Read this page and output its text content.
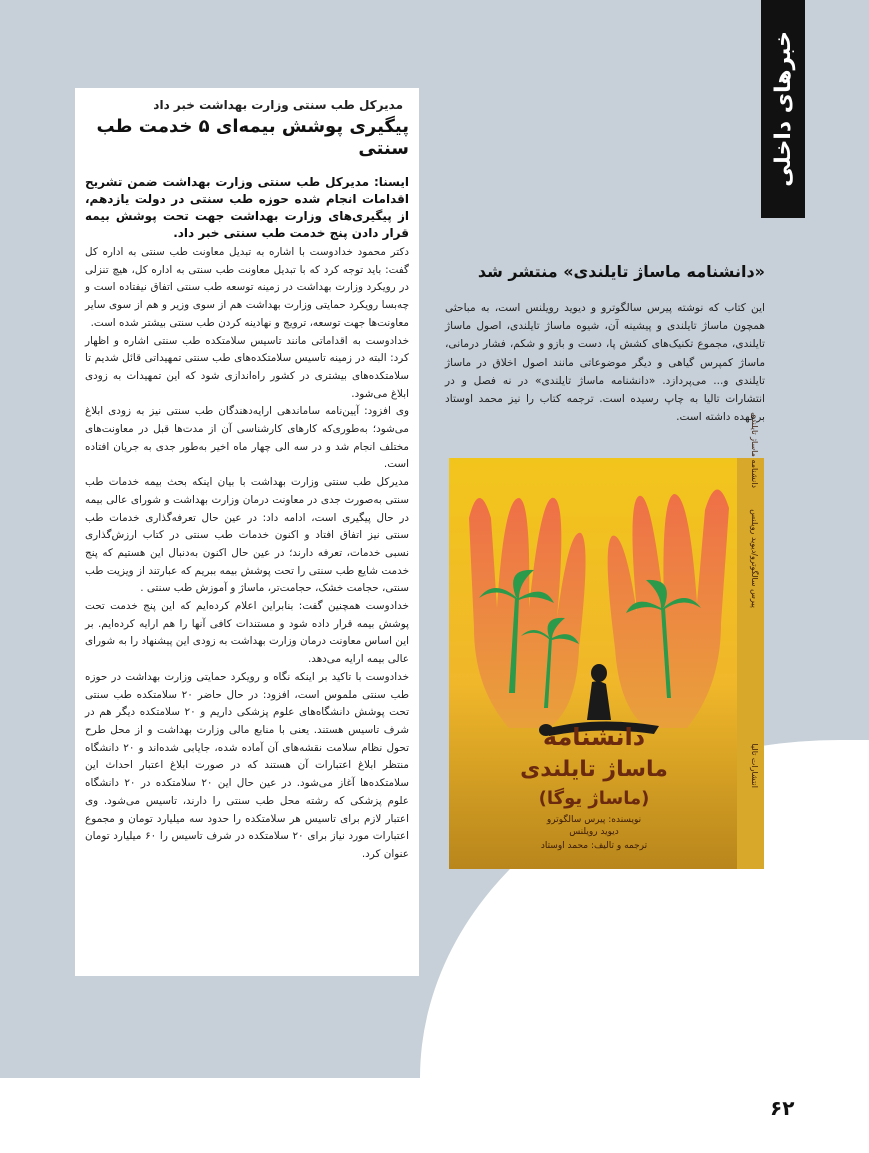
خبرهای داخلی

مدیرکل طب سنتی وزارت بهداشت خبر داد

پیگیری پوشش بیمه‌ای ۵ خدمت طب سنتی

ایسنا: مدیرکل طب سنتی وزارت بهداشت ضمن تشریح اقدامات انجام شده حوزه طب سنتی در دولت یازدهم، از پیگیری‌های وزارت بهداشت جهت تحت پوشش بیمه قرار دادن پنج خدمت طب سنتی خبر داد.

دکتر محمود خدادوست با اشاره به تبدیل معاونت طب سنتی به اداره کل گفت: باید توجه کرد که با تبدیل معاونت طب سنتی به اداره کل، هیچ تنزلی در رویکرد وزارت بهداشت در زمینه توسعه طب سنتی اتفاق نیفتاده است و چه‌بسا رویکرد حمایتی وزارت بهداشت هم از سوی وزیر و هم از سوی سایر معاونت‌ها جهت توسعه، ترویج و نهادینه کردن طب سنتی بیشتر شده است.

خدادوست به اقداماتی مانند تاسیس سلامتکده طب سنتی اشاره و اظهار کرد: البته در زمینه تاسیس سلامتکده‌های طب سنتی تمهیداتی قائل شدیم تا سلامتکده‌های بیشتری در کشور راه‌اندازی شود که این تمهیدات به زودی ابلاغ می‌شود.

وی افزود: آیین‌نامه ساماندهی ارایه‌دهندگان طب سنتی نیز به زودی ابلاغ می‌شود؛ به‌طوری‌که کارهای کارشناسی آن از مدت‌ها قبل در معاونت‌های مختلف انجام شد و در سه الی چهار ماه اخیر به‌طور جدی به جریان افتاده است.

مدیرکل طب سنتی وزارت بهداشت با بیان اینکه بحث بیمه خدمات طب سنتی به‌صورت جدی در معاونت درمان وزارت بهداشت و شورای عالی بیمه در حال پیگیری است، ادامه داد: در عین حال تعرفه‌گذاری خدمات طب سنتی نیز اتفاق افتاد و اکنون خدمات طب سنتی در کتاب ارزش‌گذاری نسبی خدمات، تعرفه دارند؛ در عین حال اکنون به‌دنبال این هستیم که پنج خدمت شایع طب سنتی را تحت پوشش بیمه ببریم که عبارتند از ویزیت طب سنتی، حجامت خشک، حجامت‌تر، ماساژ و آموزش طب سنتی .

خدادوست همچنین گفت: بنابراین اعلام کرده‌ایم که این پنج خدمت تحت پوشش بیمه قرار داده شود و مستندات کافی آنها را هم ارایه کرده‌ایم. بر این اساس معاونت درمان وزارت بهداشت به زودی این پیشنهاد را به شورای عالی بیمه ارایه می‌دهد.

خدادوست با تاکید بر اینکه نگاه و رویکرد حمایتی وزارت بهداشت در حوزه طب سنتی ملموس است، افزود: در حال حاضر ۲۰ سلامتکده طب سنتی تحت پوشش دانشگاه‌های علوم پزشکی داریم و ۲۰ سلامتکده دیگر هم در شرف تاسیس هستند. یعنی با منابع مالی وزارت بهداشت و از محل طرح تحول نظام سلامت نقشه‌های آن آماده شده، جایابی شده‌اند و ۲۰ دانشگاه منتظر ابلاغ اعتبارات آن هستند که در صورت ابلاغ اعتبار احداث این سلامتکده‌ها آغاز می‌شود. در عین حال این ۲۰ سلامتکده در ۲۰ دانشگاه علوم پزشکی که رشته محل طب سنتی را دارند، تاسیس می‌شود. وی اعتبار لازم برای تاسیس هر سلامتکده را حدود سه میلیارد تومان و مجموع اعتبارات مورد نیاز برای ۲۰ سلامتکده در شرف تاسیس را ۶۰ میلیارد تومان عنوان کرد.

«دانشنامه ماساژ تایلندی» منتشر شد

این کتاب که نوشته پیرس سالگوترو و دیوید رویلنس است، به مباحثی همچون ماساژ تایلندی و پیشینه آن، شیوه ماساژ تایلندی، اصول ماساژ تایلندی، مجموع تکنیک‌های کشش پا، دست و بازو و شکم، فشار درمانی، ماساژ کمپرس گیاهی و دیگر موضوعاتی مانند اصول اخلاق در ماساژ تایلندی و... می‌پردازد. «دانشنامه ماساژ تایلندی» در نه فصل و در انتشارات تالیا به چاپ رسیده است. ترجمه کتاب را نیز محمد اوستاد برعهده داشته است.

دانشنامه
ماساژ تایلندی
(ماساژ یوگا)
نویسنده: پیرس سالگوترو
دیوید رویلنس
ترجمه و تالیف: محمد اوستاد
دانشنامه ماساژ تایلندی
پیرس سالگوترو/دیوید رویلنس
انتشارات تالیا
۶۲
